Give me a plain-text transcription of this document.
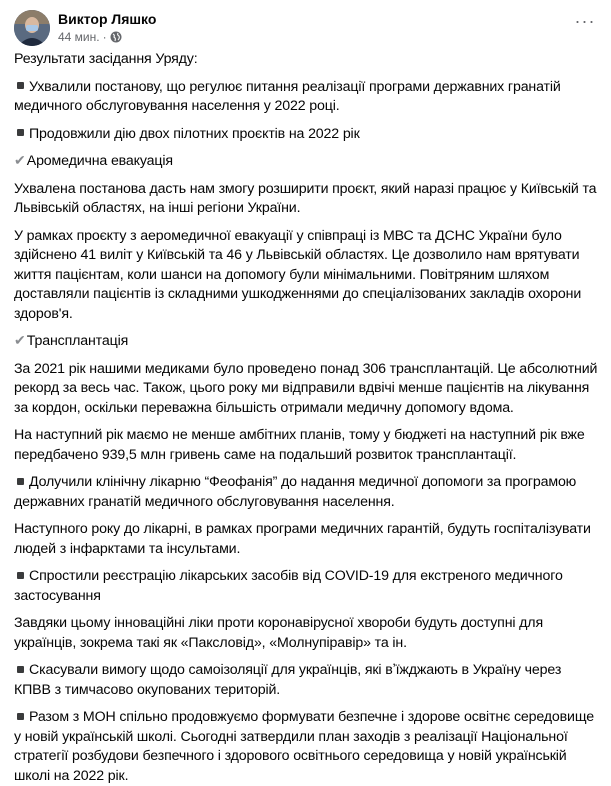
Виктор Ляшко
44 мин. ·
···

Результати засідання Уряду:

Ухвалили постанову, що регулює питання реалізації програми державних гранатій медичного обслуговування населення у 2022 році.

Продовжили дію двох пілотних проєктів на 2022 рік

✔Аромедична евакуація

Ухвалена постанова дасть нам змогу розширити проєкт, який наразі працює у Київській та Львівській областях, на інші регіони України.

У рамках проєкту з аеромедичної евакуації у співпраці із МВС та ДСНС України було здійснено 41 виліт у Київській та 46 у Львівській областях. Це дозволило нам врятувати життя пацієнтам, коли шанси на допомогу були мінімальними. Повітряним шляхом доставляли пацієнтів із складними ушкодженнями до спеціалізованих закладів охорони здоров'я.

✔Трансплантація

За 2021 рік нашими медиками було проведено понад 306 трансплантацій. Це абсолютний рекорд за весь час. Також, цього року ми відправили вдвічі менше пацієнтів на лікування за кордон, оскільки переважна більшість отримали медичну допомогу вдома.

На наступний рік маємо не менше амбітних планів, тому у бюджеті на наступний рік вже передбачено 939,5 млн гривень саме на подальший розвиток трансплантації.

Долучили клінічну лікарню “Феофанія” до надання медичної допомоги за програмою державних гранатій медичного обслуговування населення.

Наступного року до лікарні, в рамках програми медичних гарантій, будуть госпіталізувати людей з інфарктами та інсультами.

Спростили реєстрацію лікарських засобів від COVID-19 для екстреного медичного застосування

Завдяки цьому інноваційні ліки проти коронавірусної хвороби будуть доступні для українців, зокрема такі як «Паксловід», «Молнупіравір» та ін.

Скасували вимогу щодо самоізоляції для українців, які вʼїжджають в Україну через КПВВ з тимчасово окупованих територій.

Разом з МОН спільно продовжуємо формувати безпечне і здорове освітнє середовище у новій українській школі. Сьогодні затвердили план заходів з реалізації Національної стратегії розбудови безпечного і здорового освітнього середовища у новій українській школі на 2022 рік.
